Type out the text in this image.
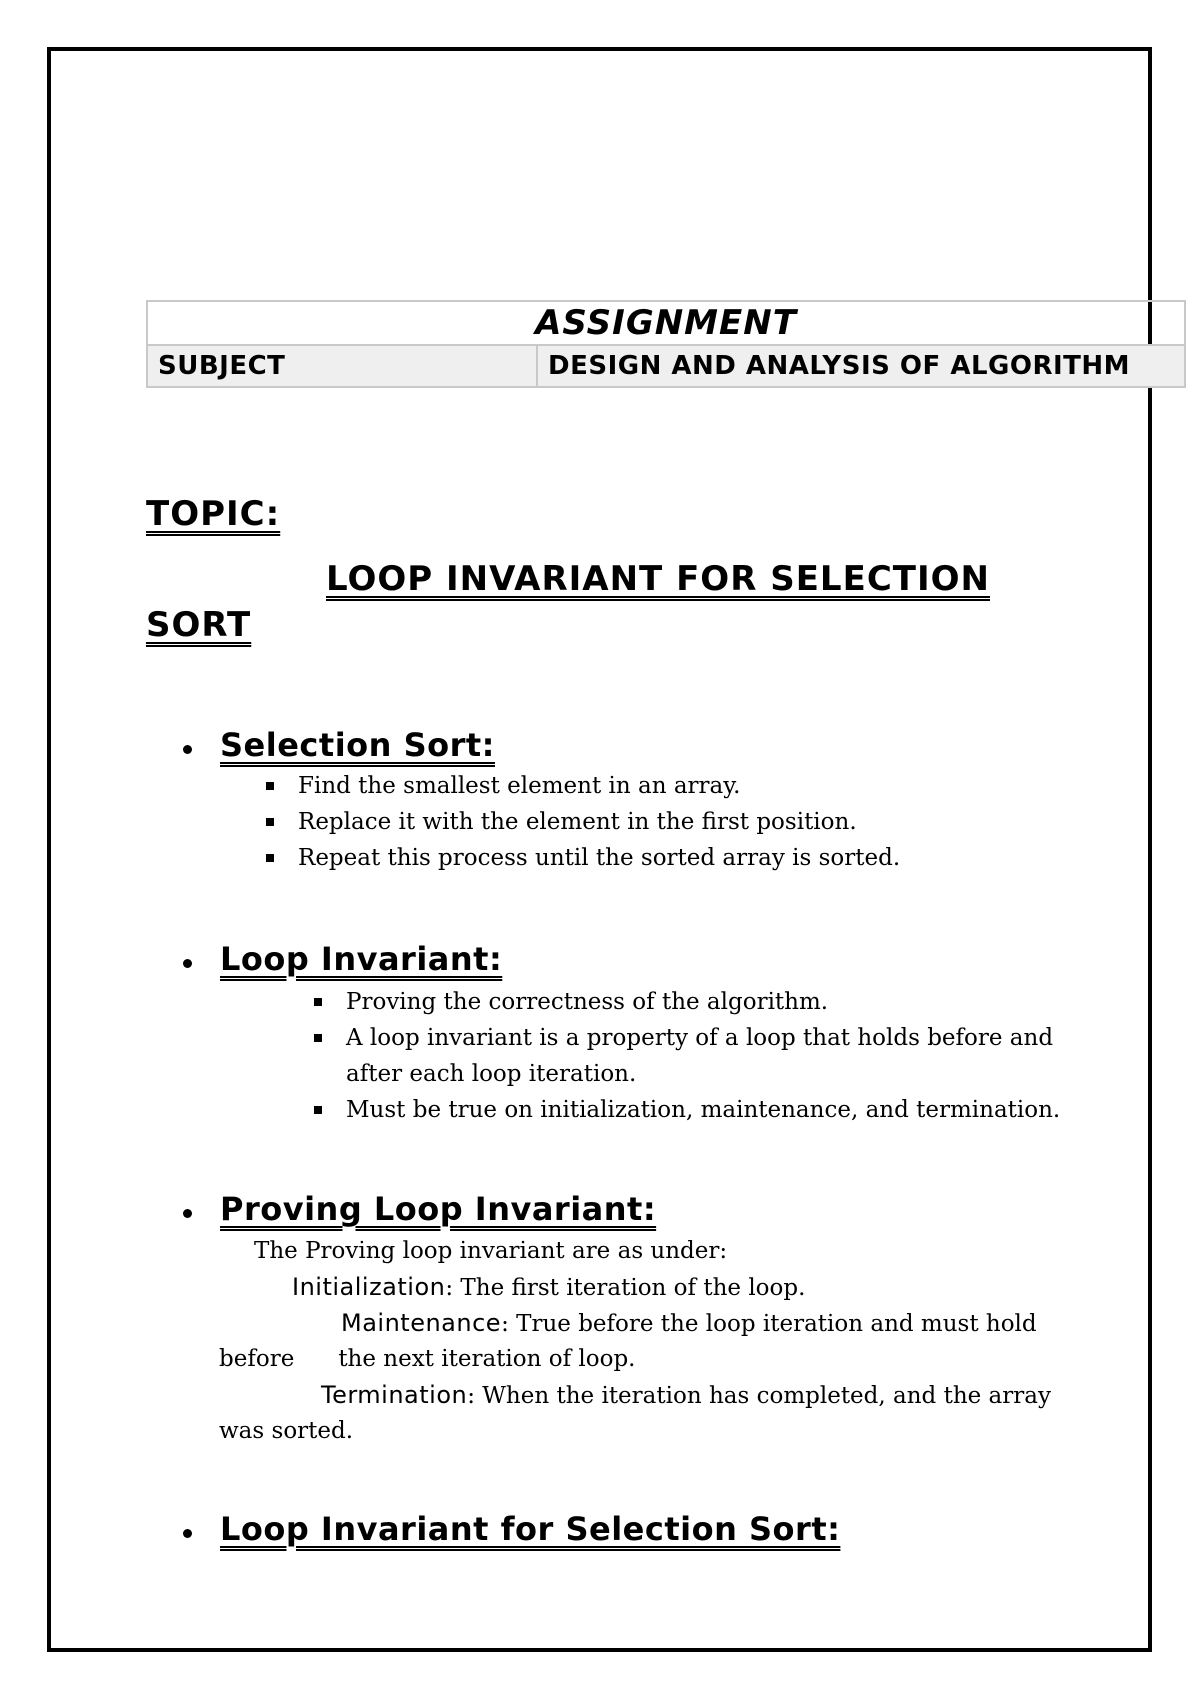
ASSIGNMENT
SUBJECT	DESIGN AND ANALYSIS OF ALGORITHM
TOPIC:
LOOP INVARIANT FOR SELECTION SORT
Selection Sort:
Find the smallest element in an array.
Replace it with the element in the first position.
Repeat this process until the sorted array is sorted.
Loop Invariant:
Proving the correctness of the algorithm.
A loop invariant is a property of a loop that holds before and
after each loop iteration.
Must be true on initialization, maintenance, and termination.
Proving Loop Invariant:
The Proving loop invariant are as under:
Initialization: The first iteration of the loop.
Maintenance: True before the loop iteration and must hold
before the next iteration of loop.
Termination: When the iteration has completed, and the array
was sorted.
Loop Invariant for Selection Sort:
